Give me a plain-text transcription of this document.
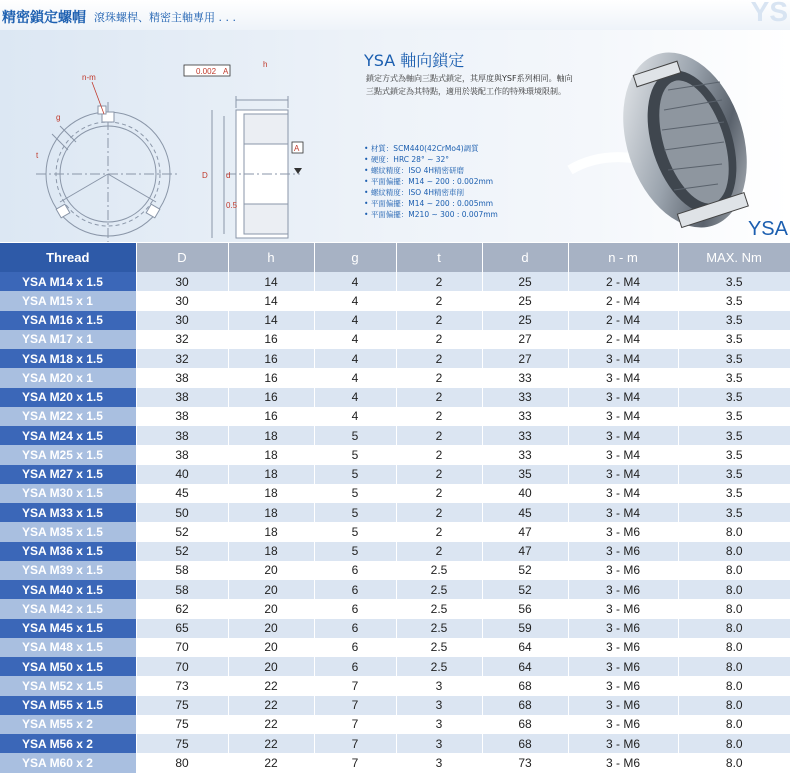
精密鎖定螺帽 滾珠螺桿、精密主軸專用 . . .	YS
n-m
g
t
0.002 A
h
D d
A
0.5
YSA 軸向鎖定
鎖定方式為軸向三點式鎖定，其厚度與YSF系列相同。軸向三點式鎖定為其特點，適用於裝配工作的特殊環境限制。
• 材質：SCM440(42CrMo4)調質
• 硬度：HRC 28° ~ 32°
• 螺紋精度：ISO 4H精密研磨
• 平面偏擺：M14 ~ 200 : 0.002mm
• 螺紋精度：ISO 4H精密車削
• 平面偏擺：M14 ~ 200 : 0.005mm
• 平面偏擺：M210 ~ 300 : 0.007mm
YSA
Thread	D	h	g	t	d	n - m	MAX. Nm
YSA M14 x 1.5	30	14	4	2	25	2 - M4	3.5
YSA M15 x 1	30	14	4	2	25	2 - M4	3.5
YSA M16 x 1.5	30	14	4	2	25	2 - M4	3.5
YSA M17 x 1	32	16	4	2	27	2 - M4	3.5
YSA M18 x 1.5	32	16	4	2	27	3 - M4	3.5
YSA M20 x 1	38	16	4	2	33	3 - M4	3.5
YSA M20 x 1.5	38	16	4	2	33	3 - M4	3.5
YSA M22 x 1.5	38	16	4	2	33	3 - M4	3.5
YSA M24 x 1.5	38	18	5	2	33	3 - M4	3.5
YSA M25 x 1.5	38	18	5	2	33	3 - M4	3.5
YSA M27 x 1.5	40	18	5	2	35	3 - M4	3.5
YSA M30 x 1.5	45	18	5	2	40	3 - M4	3.5
YSA M33 x 1.5	50	18	5	2	45	3 - M4	3.5
YSA M35 x 1.5	52	18	5	2	47	3 - M6	8.0
YSA M36 x 1.5	52	18	5	2	47	3 - M6	8.0
YSA M39 x 1.5	58	20	6	2.5	52	3 - M6	8.0
YSA M40 x 1.5	58	20	6	2.5	52	3 - M6	8.0
YSA M42 x 1.5	62	20	6	2.5	56	3 - M6	8.0
YSA M45 x 1.5	65	20	6	2.5	59	3 - M6	8.0
YSA M48 x 1.5	70	20	6	2.5	64	3 - M6	8.0
YSA M50 x 1.5	70	20	6	2.5	64	3 - M6	8.0
YSA M52 x 1.5	73	22	7	3	68	3 - M6	8.0
YSA M55 x 1.5	75	22	7	3	68	3 - M6	8.0
YSA M55 x 2	75	22	7	3	68	3 - M6	8.0
YSA M56 x 2	75	22	7	3	68	3 - M6	8.0
YSA M60 x 2	80	22	7	3	73	3 - M6	8.0
